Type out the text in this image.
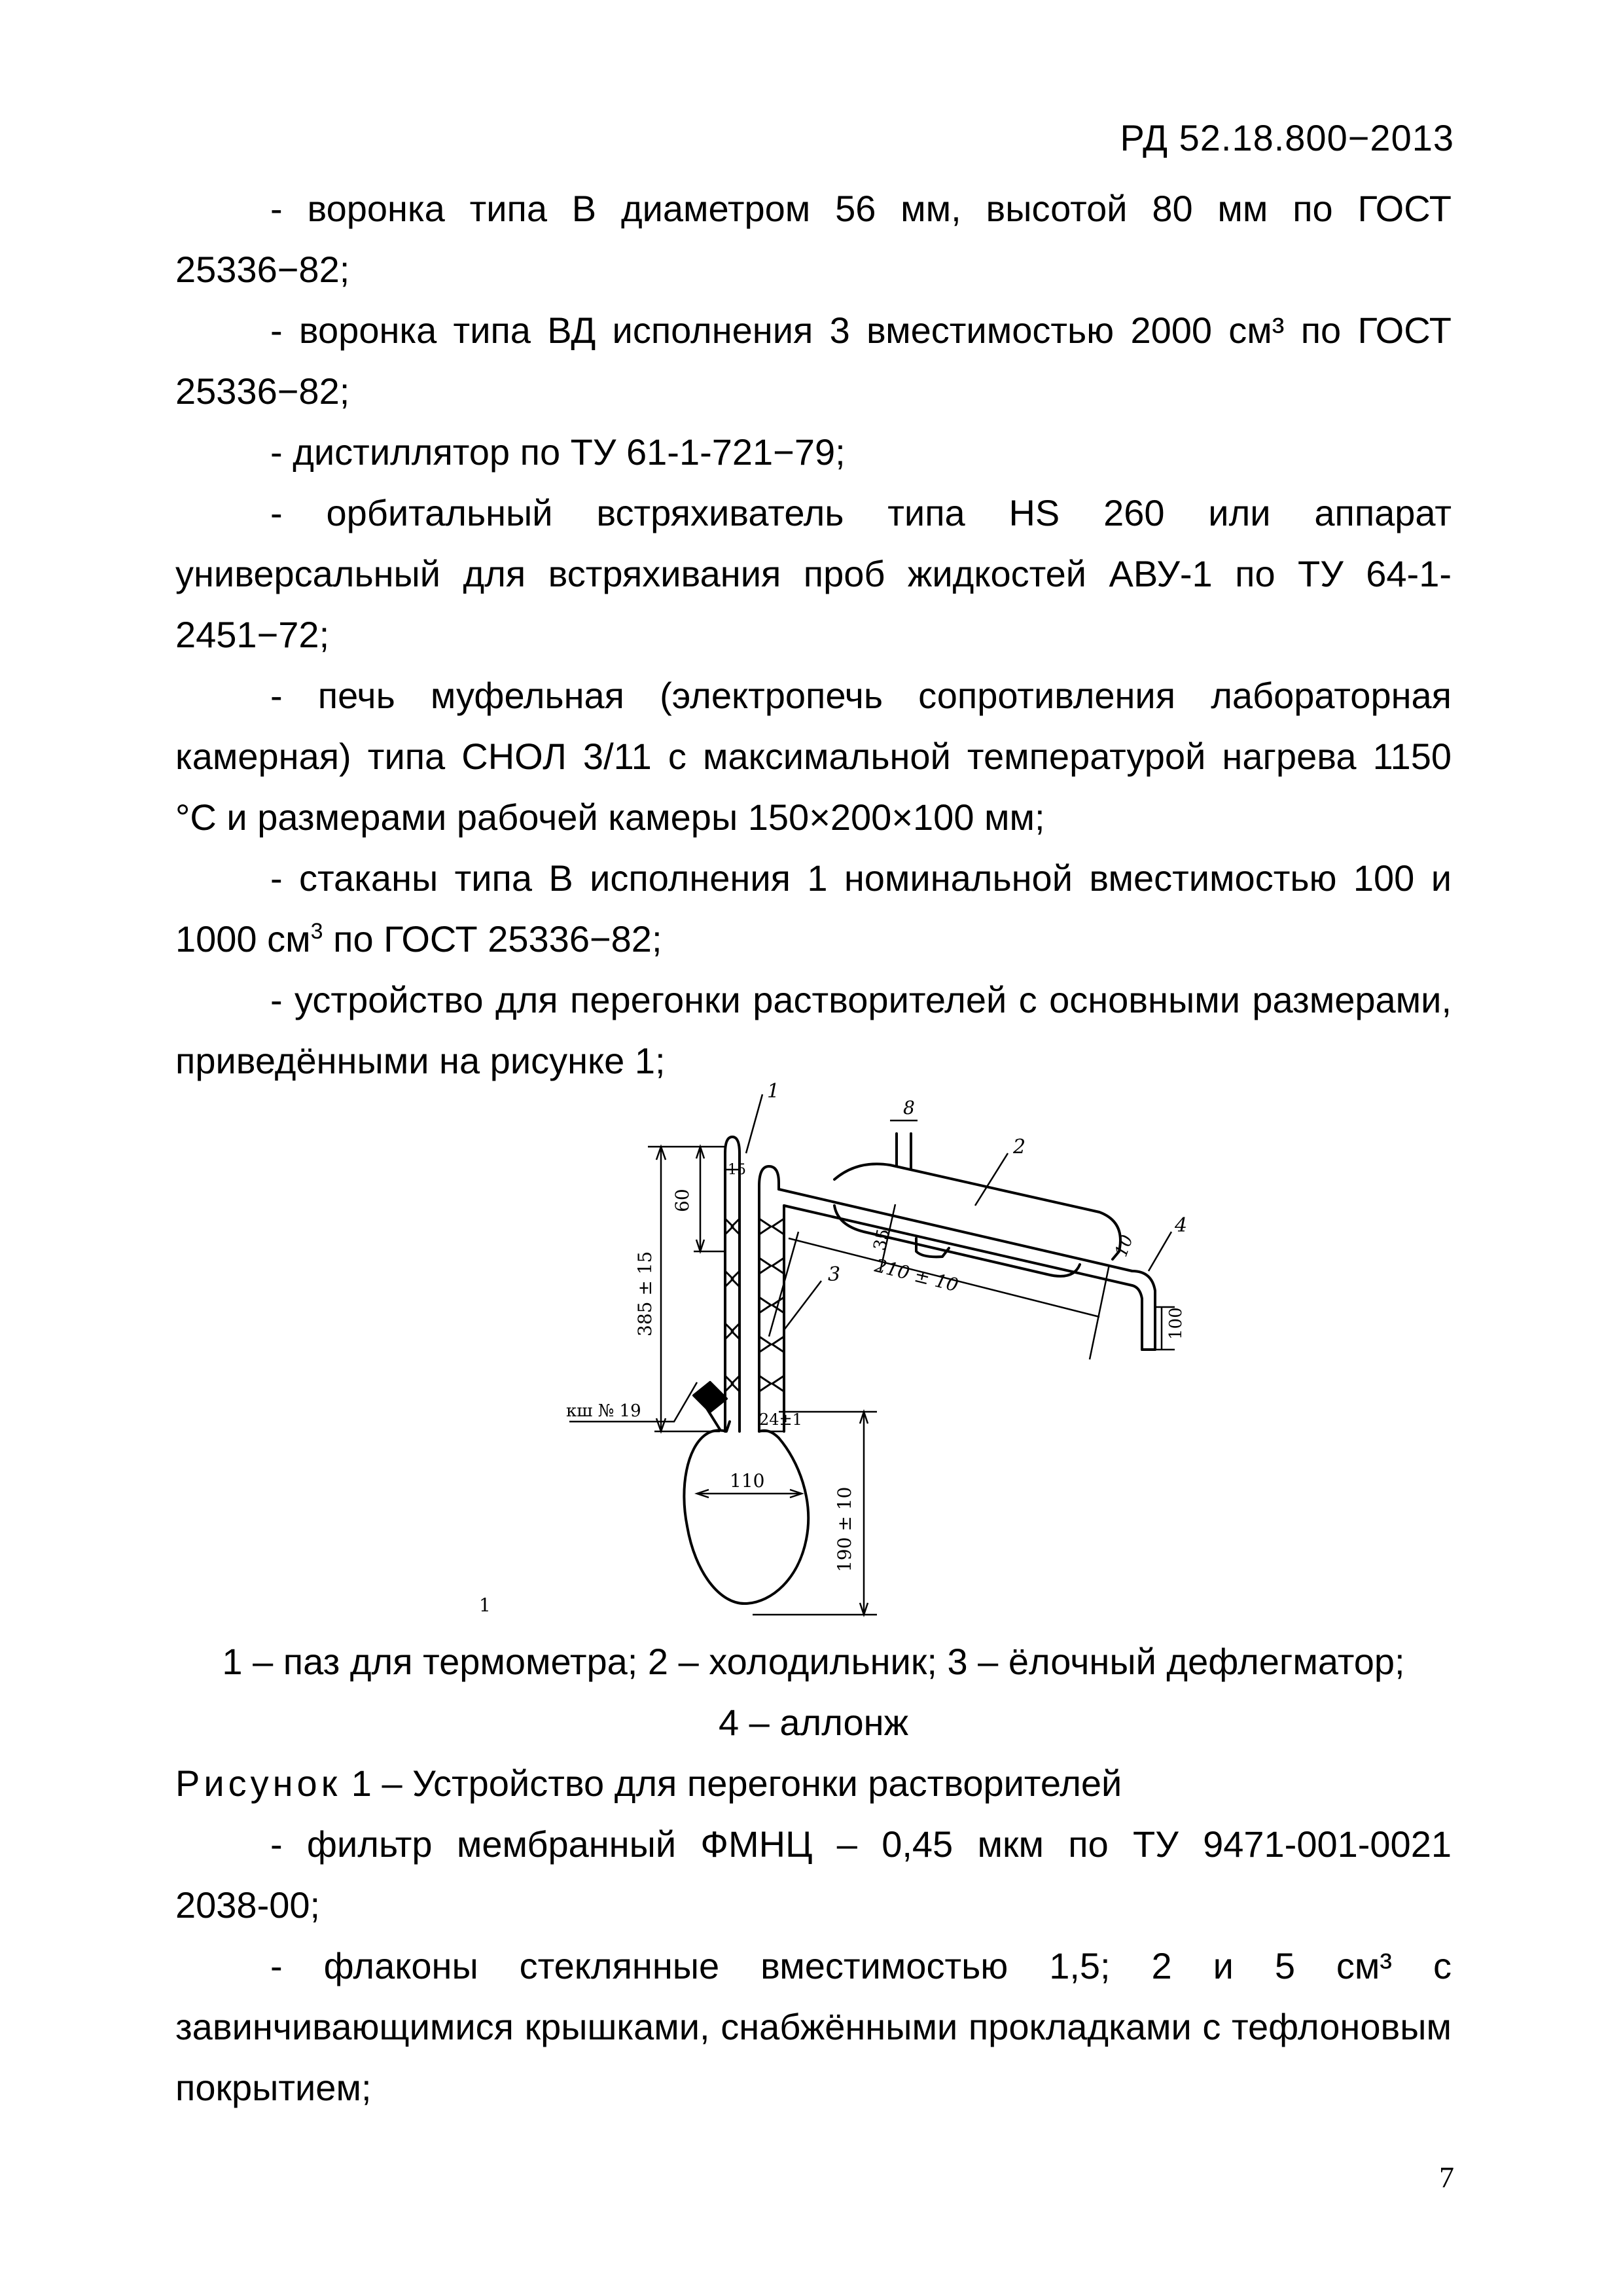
РД 52.18.800−2013

- воронка типа В диаметром 56 мм, высотой 80 мм по ГОСТ 25336−82;

- воронка типа ВД исполнения 3 вместимостью 2000 см³ по ГОСТ 25336−82;

- дистиллятор по ТУ 61-1-721−79;

- орбитальный встряхиватель типа HS 260 или аппарат универсальный для встряхивания проб жидкостей АВУ-1 по ТУ 64-1-2451−72;

- печь муфельная (электропечь сопротивления лабораторная камерная) типа СНОЛ 3/11 с максимальной температурой нагрева 1150 °С и размерами рабочей камеры 150×200×100 мм;

- стаканы типа В исполнения 1 номинальной вместимостью 100 и 1000 $см^3$ по ГОСТ 25336−82;

- устройство для перегонки растворителей с основными размерами, приведёнными на рисунке 1;

1
2
3
4
8
60
15
385 ± 15
35
210 ± 10
10
100
24±1
110
190 ± 10
кш № 19
1
1 – паз для термометра; 2 – холодильник; 3 – ёлочный дефлегматор;
4 – аллонж
Рисунок 1 – Устройство для перегонки растворителей

- фильтр мембранный ФМНЦ – 0,45 мкм по ТУ 9471-001-0021 2038-00;

- флаконы стеклянные вместимостью 1,5; 2 и 5 см³ с завинчивающимися крышками, снабжёнными прокладками с тефлоновым покрытием;

7
